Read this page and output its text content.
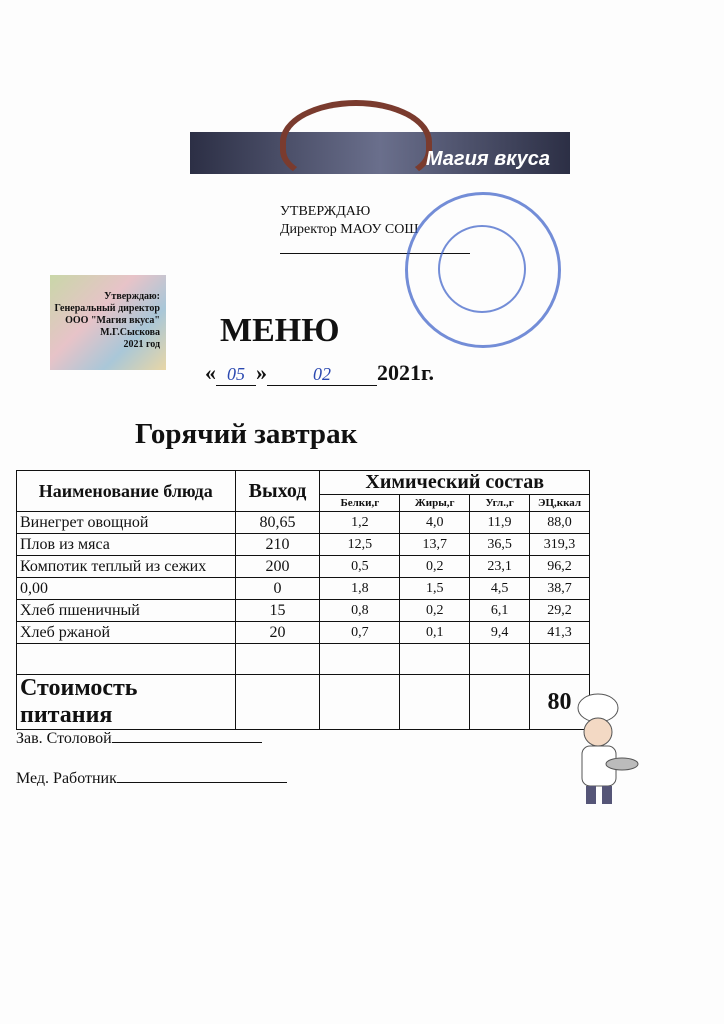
Магия вкуса
УТВЕРЖДАЮ
Директор МАОУ СОШ
Утверждаю:
Генеральный директор
ООО "Магия вкуса"
М.Г.Сыскова
2021 год МЕНЮ
« 05 »	02 2021г.
Горячий завтрак
Наименование блюда	Выход	Химический состав			
		Белки,г	Жиры,г	Угл.,г	ЭЦ,ккал
Винегрет овощной	80,65	1,2	4,0	11,9	88,0
Плов из мяса	210	12,5	13,7	36,5	319,3
Компотик теплый из сежих	200	0,5	0,2	23,1	96,2
0,00	0	1,8	1,5	4,5	38,7
Хлеб пшеничный	15	0,8	0,2	6,1	29,2
Хлеб ржаной	20	0,7	0,1	9,4	41,3

Стоимость питания					80
Зав. Столовой
Мед. Работник
